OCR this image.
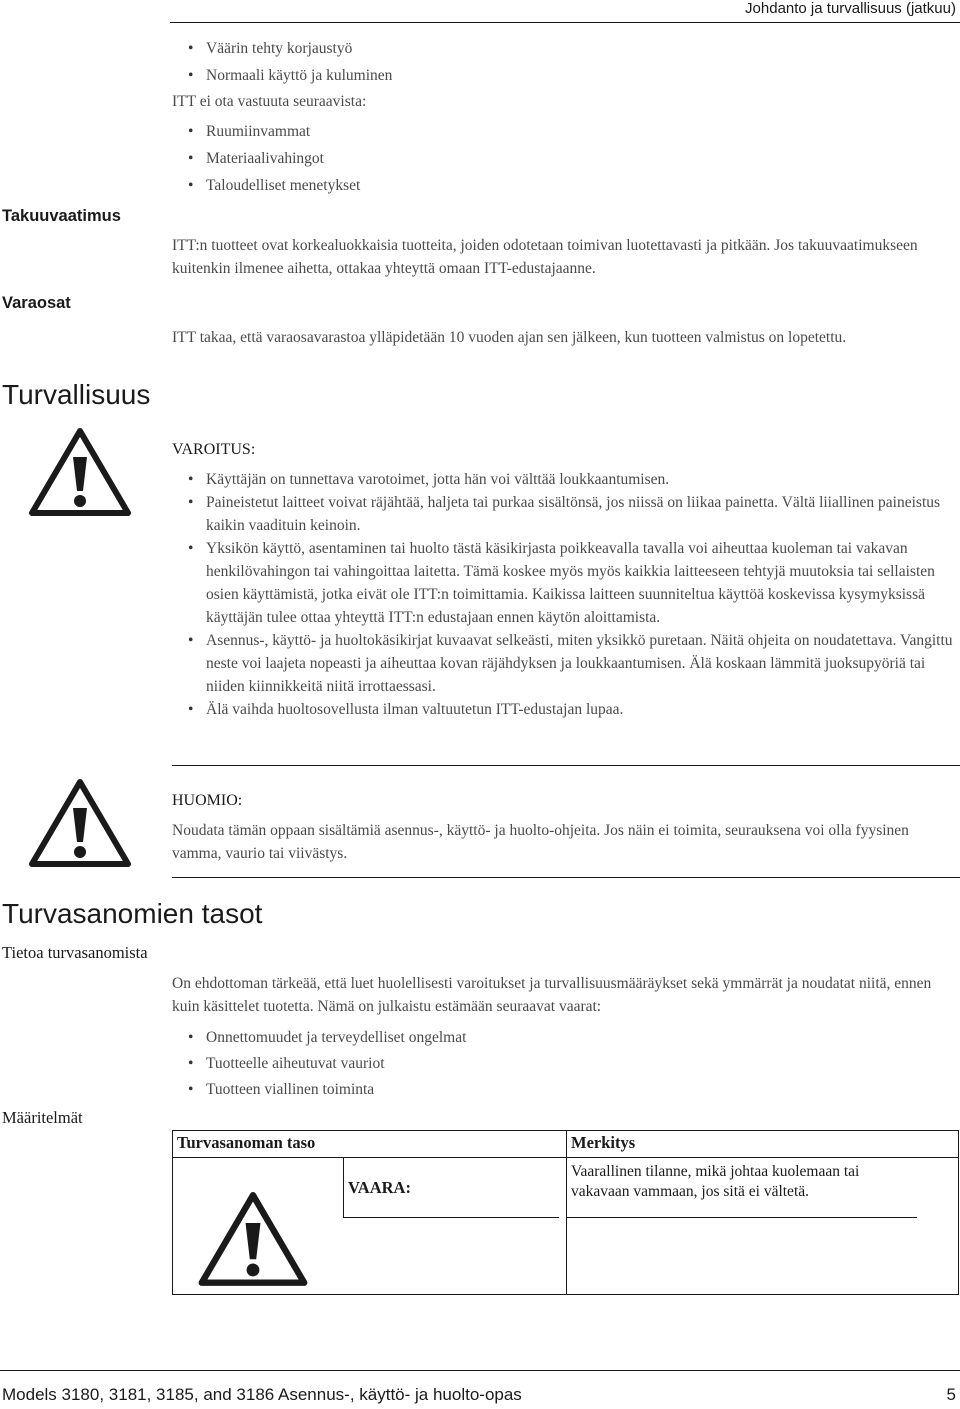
Johdanto ja turvallisuus (jatkuu)
• Väärin tehty korjaustyö
• Normaali käyttö ja kuluminen
ITT ei ota vastuuta seuraavista:
• Ruumiinvammat
• Materiaalivahingot
• Taloudelliset menetykset
Takuuvaatimus
ITT:n tuotteet ovat korkealuokkaisia tuotteita, joiden odotetaan toimivan luotettavasti ja pitkään. Jos takuuvaatimukseen kuitenkin ilmenee aihetta, ottakaa yhteyttä omaan ITT-edustajaanne.
Varaosat
ITT takaa, että varaosavarastoa ylläpidetään 10 vuoden ajan sen jälkeen, kun tuotteen valmistus on lopetettu.
Turvallisuus
VAROITUS:
• Käyttäjän on tunnettava varotoimet, jotta hän voi välttää loukkaantumisen.
• Paineistetut laitteet voivat räjähtää, haljeta tai purkaa sisältönsä, jos niissä on liikaa painetta. Vältä liiallinen paineistus kaikin vaadituin keinoin.
• Yksikön käyttö, asentaminen tai huolto tästä käsikirjasta poikkeavalla tavalla voi aiheuttaa kuoleman tai vakavan henkilövahingon tai vahingoittaa laitetta. Tämä koskee myös myös kaikkia laitteeseen tehtyjä muutoksia tai sellaisten osien käyttämistä, jotka eivät ole ITT:n toimittamia. Kaikissa laitteen suunniteltua käyttöä koskevissa kysymyksissä käyttäjän tulee ottaa yhteyttä ITT:n edustajaan ennen käytön aloittamista.
• Asennus-, käyttö- ja huoltokäsikirjat kuvaavat selkeästi, miten yksikkö puretaan. Näitä ohjeita on noudatettava. Vangittu neste voi laajeta nopeasti ja aiheuttaa kovan räjähdyksen ja loukkaantumisen. Älä koskaan lämmitä juoksupyöriä tai niiden kiinnikkeitä niitä irrottaessasi.
• Älä vaihda huoltosovellusta ilman valtuutetun ITT-edustajan lupaa.
HUOMIO:
Noudata tämän oppaan sisältämiä asennus-, käyttö- ja huolto-ohjeita. Jos näin ei toimita, seurauksena voi olla fyysinen vamma, vaurio tai viivästys.
Turvasanomien tasot
Tietoa turvasanomista
On ehdottoman tärkeää, että luet huolellisesti varoitukset ja turvallisuusmääräykset sekä ymmärrät ja noudatat niitä, ennen kuin käsittelet tuotetta. Nämä on julkaistu estämään seuraavat vaarat:
• Onnettomuudet ja terveydelliset ongelmat
• Tuotteelle aiheutuvat vauriot
• Tuotteen viallinen toiminta
Määritelmät
Turvasanoman taso	Merkitys

VAARA:	Vaarallinen tilanne, mikä johtaa kuolemaan tai vakavaan vammaan, jos sitä ei vältetä.
Models 3180, 3181, 3185, and 3186 Asennus-, käyttö- ja huolto-opas	5
